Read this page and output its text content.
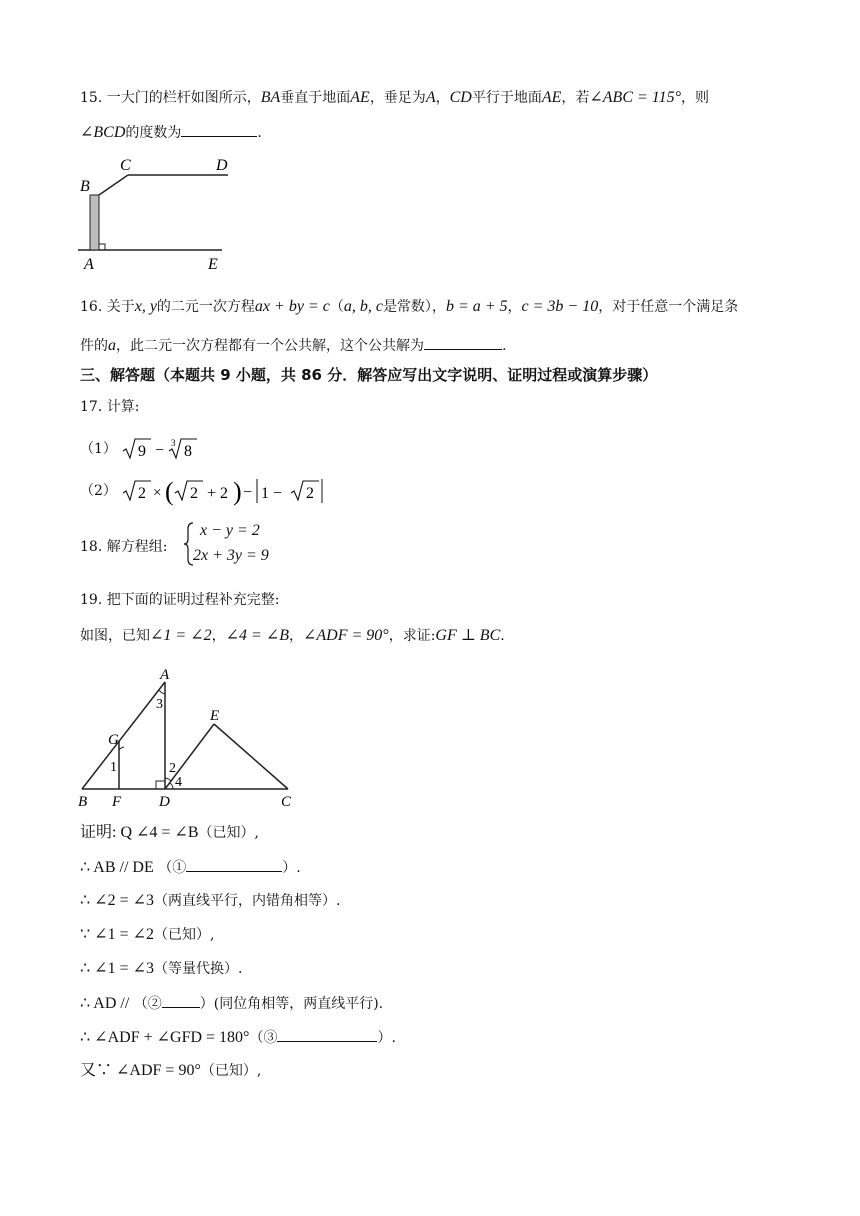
15. 一大门的栏杆如图所示，BA垂直于地面AE，垂足为A，CD平行于地面AE，若∠ABC = 115°，则
∠BCD的度数为	.
B
C	D
A	E
16. 关于x, y的二元一次方程ax + by = c（a, b, c是常数），b = a + 5，c = 3b − 10，对于任意一个满足条
件的a，此二元一次方程都有一个公共解，这个公共解为	.
三、解答题（本题共 9 小题，共 86 分．解答应写出文字说明、证明过程或演算步骤）
17. 计算:
（1） 9 − 3 8
（2） 2 × ( 2 + 2 ) − 1 − 2
18. 解方程组:
x − y = 2
2x + 3y = 9
19. 把下面的证明过程补充完整:
如图，已知∠1 = ∠2，∠4 = ∠B，∠ADF = 90°，求证:GF ⊥ BC.
A
E
G
B F	D	C
1	2
3
4
证明: Q ∠4 = ∠B（已知）,
∴ AB // DE （①	）.
∴ ∠2 = ∠3（两直线平行，内错角相等）.
∵ ∠1 = ∠2（已知）,
∴ ∠1 = ∠3（等量代换）.
∴ AD // （②	）(同位角相等，两直线平行).
∴ ∠ADF + ∠GFD = 180°（③	）.
又∵ ∠ADF = 90°（已知）,
